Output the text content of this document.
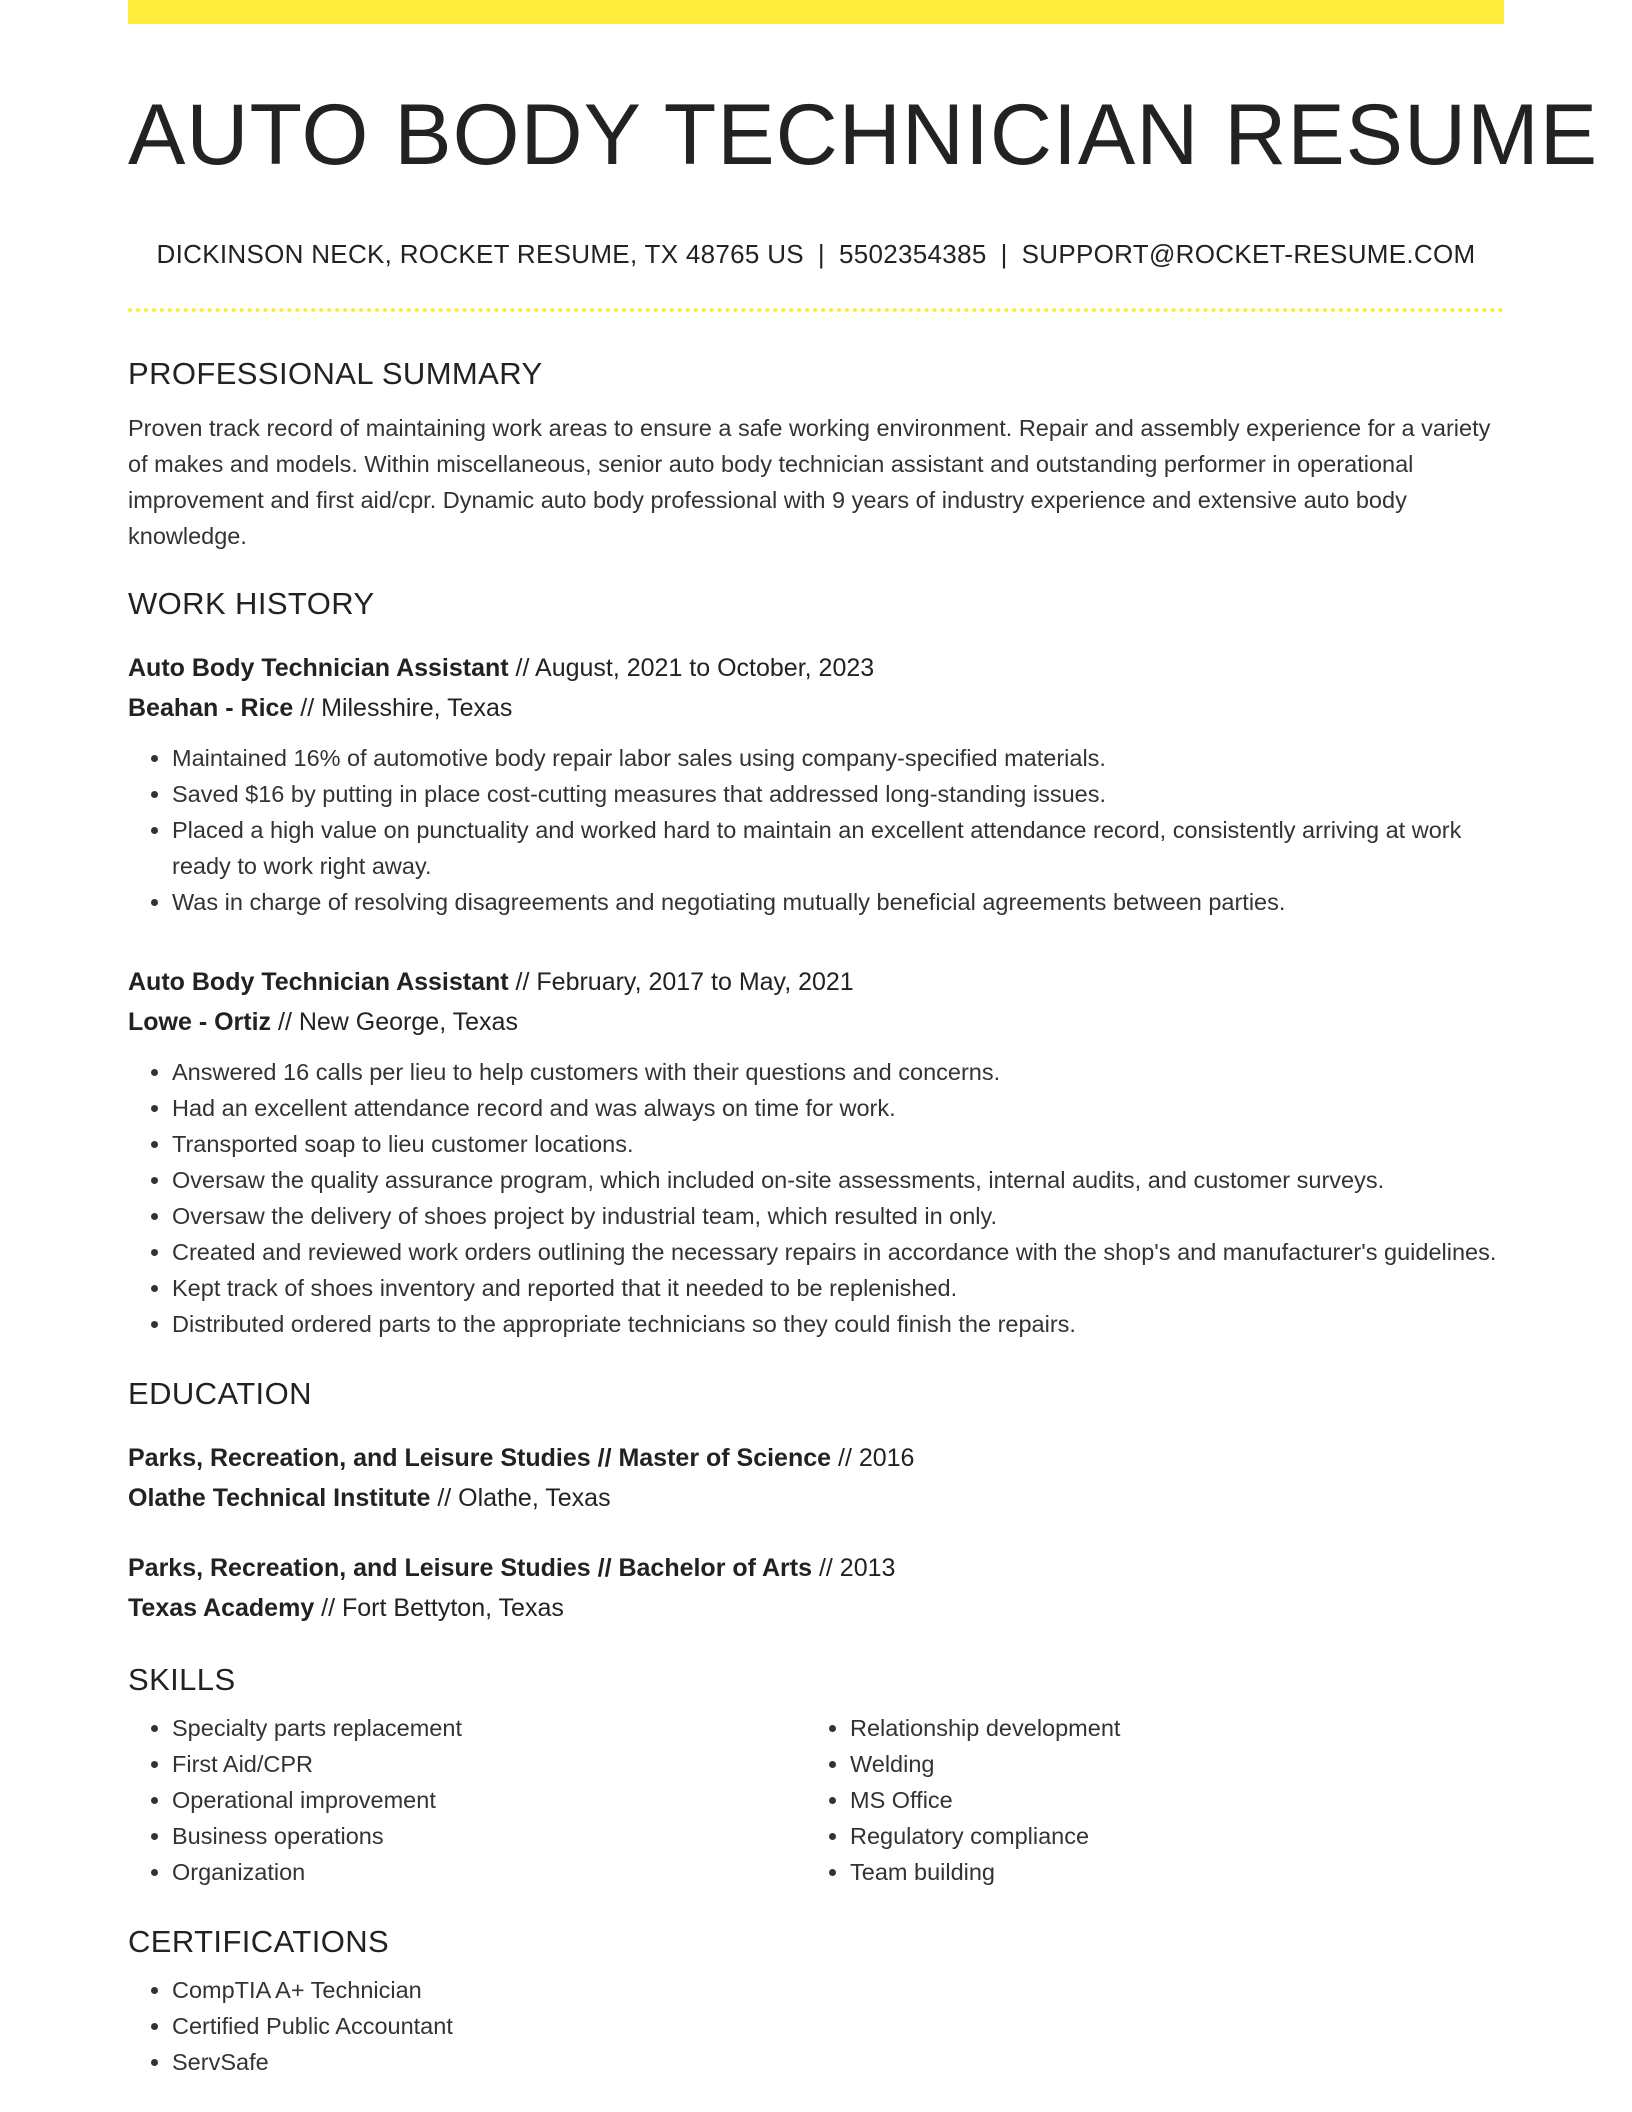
AUTO BODY TECHNICIAN RESUME
DICKINSON NECK, ROCKET RESUME, TX 48765 US | 5502354385 | SUPPORT@ROCKET-RESUME.COM
PROFESSIONAL SUMMARY

Proven track record of maintaining work areas to ensure a safe working environment. Repair and assembly experience for a variety of makes and models. Within miscellaneous, senior auto body technician assistant and outstanding performer in operational improvement and first aid/cpr. Dynamic auto body professional with 9 years of industry experience and extensive auto body knowledge.

WORK HISTORY
Auto Body Technician Assistant // August, 2021 to October, 2023
Beahan - Rice // Milesshire, Texas
• Maintained 16% of automotive body repair labor sales using company-specified materials.
• Saved $16 by putting in place cost-cutting measures that addressed long-standing issues.
• Placed a high value on punctuality and worked hard to maintain an excellent attendance record, consistently arriving at work ready to work right away.
• Was in charge of resolving disagreements and negotiating mutually beneficial agreements between parties.
Auto Body Technician Assistant // February, 2017 to May, 2021
Lowe - Ortiz // New George, Texas
• Answered 16 calls per lieu to help customers with their questions and concerns.
• Had an excellent attendance record and was always on time for work.
• Transported soap to lieu customer locations.
• Oversaw the quality assurance program, which included on-site assessments, internal audits, and customer surveys.
• Oversaw the delivery of shoes project by industrial team, which resulted in only.
• Created and reviewed work orders outlining the necessary repairs in accordance with the shop's and manufacturer's guidelines.
• Kept track of shoes inventory and reported that it needed to be replenished.
• Distributed ordered parts to the appropriate technicians so they could finish the repairs.
EDUCATION
Parks, Recreation, and Leisure Studies // Master of Science // 2016
Olathe Technical Institute // Olathe, Texas
Parks, Recreation, and Leisure Studies // Bachelor of Arts // 2013
Texas Academy // Fort Bettyton, Texas
SKILLS
• Specialty parts replacement
• First Aid/CPR
• Operational improvement
• Business operations
• Organization
• Relationship development
• Welding
• MS Office
• Regulatory compliance
• Team building
CERTIFICATIONS
• CompTIA A+ Technician
• Certified Public Accountant
• ServSafe
